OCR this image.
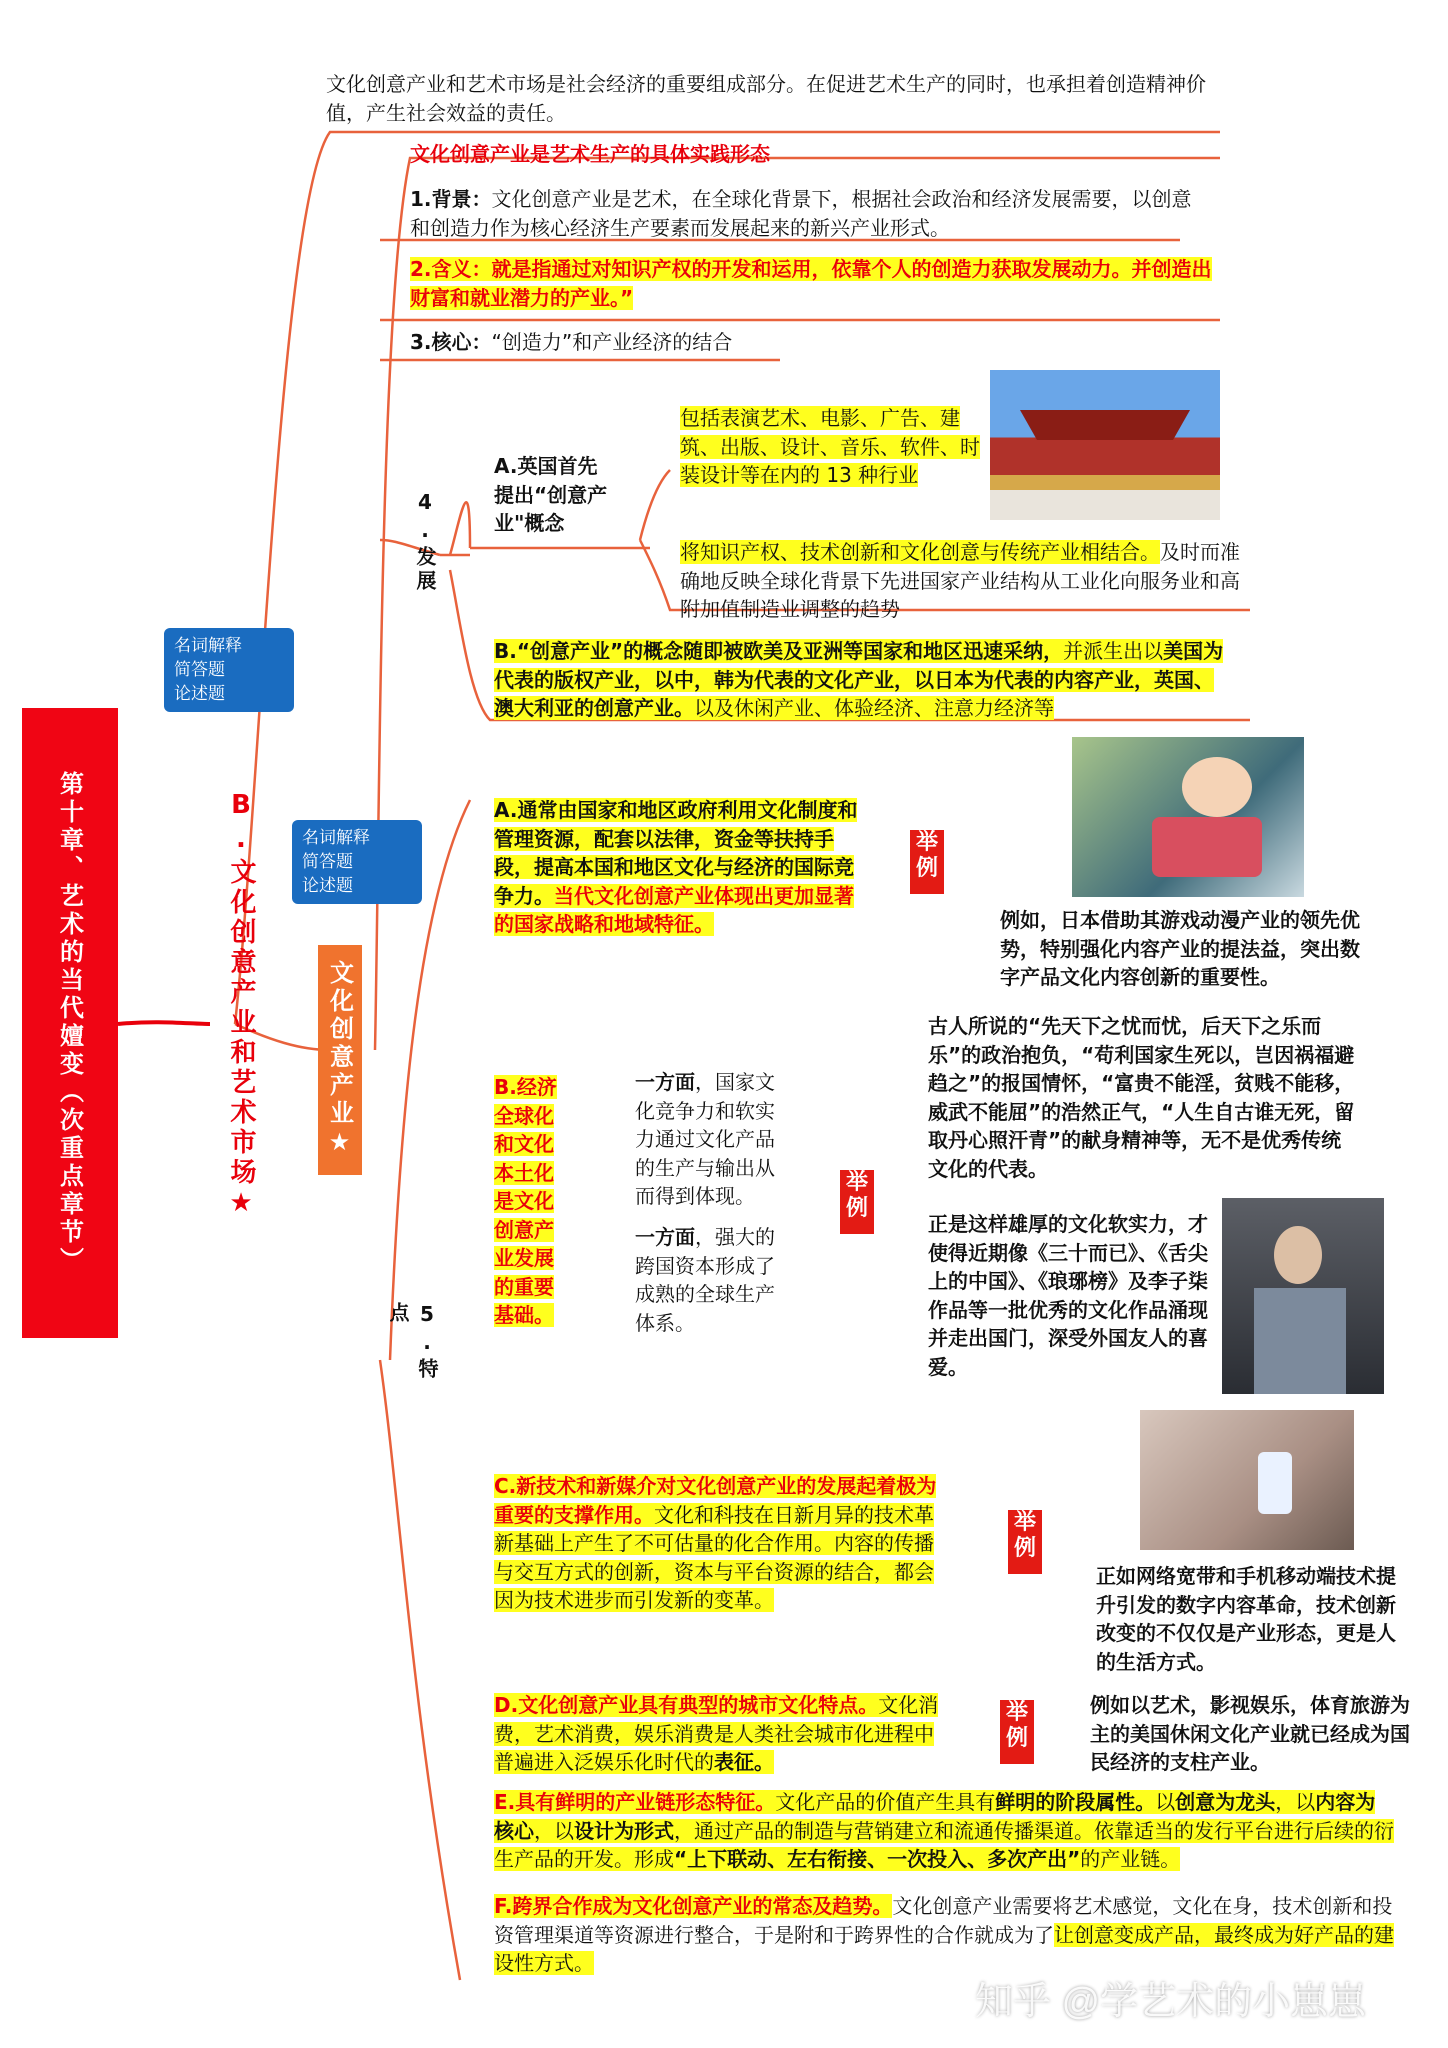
第十章、艺术的当代嬗变（次重点章节）
名词解释
简答题
论述题
B.文化创意产业和艺术市场★	名词解释
简答题
论述题
文化创意产业★
文化创意产业和艺术市场是社会经济的重要组成部分。在促进艺术生产的同时，也承担着创造精神价值，产生社会效益的责任。
文化创意产业是艺术生产的具体实践形态
1.背景：文化创意产业是艺术，在全球化背景下，根据社会政治和经济发展需要，以创意和创造力作为核心经济生产要素而发展起来的新兴产业形式。
2.含义：就是指通过对知识产权的开发和运用，依靠个人的创造力获取发展动力。并创造出财富和就业潜力的产业。”
3.核心：“创造力”和产业经济的结合
4.发展
A.英国首先提出“创意产业"概念
包括表演艺术、电影、广告、建筑、出版、设计、音乐、软件、时装设计等在内的 13 种行业
将知识产权、技术创新和文化创意与传统产业相结合。及时而准确地反映全球化背景下先进国家产业结构从工业化向服务业和高附加值制造业调整的趋势
B.“创意产业”的概念随即被欧美及亚洲等国家和地区迅速采纳，并派生出以美国为代表的版权产业，以中，韩为代表的文化产业，以日本为代表的内容产业，英国、澳大利亚的创意产业。以及休闲产业、体验经济、注意力经济等
5.特点
A.通常由国家和地区政府利用文化制度和管理资源，配套以法律，资金等扶持手段，提高本国和地区文化与经济的国际竞争力。当代文化创意产业体现出更加显著的国家战略和地域特征。
举例
例如，日本借助其游戏动漫产业的领先优势，特别强化内容产业的提法益，突出数字产品文化内容创新的重要性。
B.经济全球化和文化本土化是文化创意产业发展的重要基础。
一方面，国家文化竞争力和软实力通过文化产品的生产与输出从而得到体现。
一方面，强大的跨国资本形成了成熟的全球生产体系。
举例
古人所说的“先天下之忧而忧，后天下之乐而乐”的政治抱负，“苟利国家生死以，岂因祸福避趋之”的报国情怀，“富贵不能淫，贫贱不能移，威武不能屈”的浩然正气，“人生自古谁无死，留取丹心照汗青”的献身精神等，无不是优秀传统文化的代表。
正是这样雄厚的文化软实力，才使得近期像《三十而已》、《舌尖上的中国》、《琅琊榜》及李子柒作品等一批优秀的文化作品涌现并走出国门，深受外国友人的喜爱。
C.新技术和新媒介对文化创意产业的发展起着极为重要的支撑作用。文化和科技在日新月异的技术革新基础上产生了不可估量的化合作用。内容的传播与交互方式的创新，资本与平台资源的结合，都会因为技术进步而引发新的变革。
举例
正如网络宽带和手机移动端技术提升引发的数字内容革命，技术创新改变的不仅仅是产业形态，更是人的生活方式。
D.文化创意产业具有典型的城市文化特点。文化消费，艺术消费，娱乐消费是人类社会城市化进程中普遍进入泛娱乐化时代的表征。
举例
例如以艺术，影视娱乐，体育旅游为主的美国休闲文化产业就已经成为国民经济的支柱产业。
E.具有鲜明的产业链形态特征。文化产品的价值产生具有鲜明的阶段属性。以创意为龙头，以内容为核心，以设计为形式，通过产品的制造与营销建立和流通传播渠道。依靠适当的发行平台进行后续的衍生产品的开发。形成“上下联动、左右衔接、一次投入、多次产出”的产业链。
F.跨界合作成为文化创意产业的常态及趋势。文化创意产业需要将艺术感觉，文化在身，技术创新和投资管理渠道等资源进行整合，于是附和于跨界性的合作就成为了让创意变成产品，最终成为好产品的建设性方式。
知乎 @学艺术的小崽崽
